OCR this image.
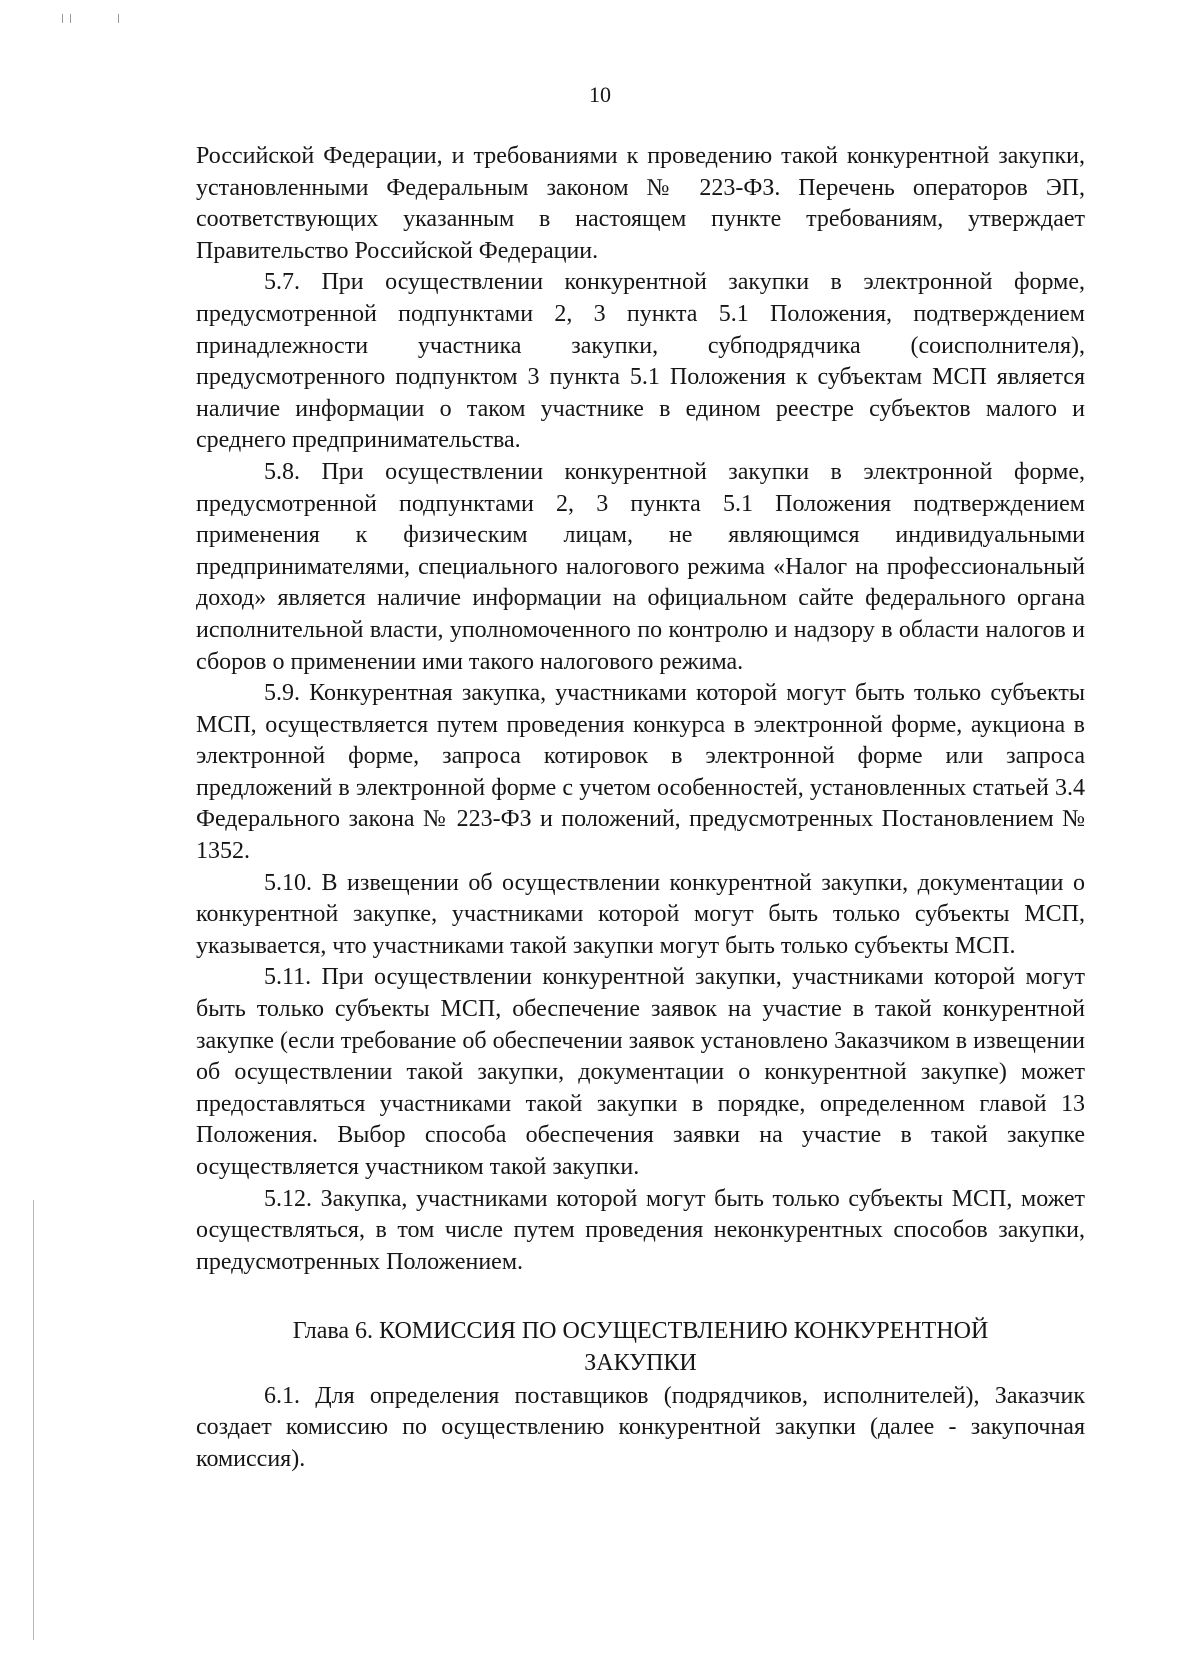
10

Российской Федерации, и требованиями к проведению такой конкурентной закупки, установленными Федеральным законом № 223-ФЗ. Перечень операторов ЭП, соответствующих указанным в настоящем пункте требованиям, утверждает Правительство Российской Федерации.

5.7. При осуществлении конкурентной закупки в электронной форме, предусмотренной подпунктами 2, 3 пункта 5.1 Положения, подтверждением принадлежности участника закупки, субподрядчика (соисполнителя), предусмотренного подпунктом 3 пункта 5.1 Положения к субъектам МСП является наличие информации о таком участнике в едином реестре субъектов малого и среднего предпринимательства.

5.8. При осуществлении конкурентной закупки в электронной форме, предусмотренной подпунктами 2, 3 пункта 5.1 Положения подтверждением применения к физическим лицам, не являющимся индивидуальными предпринимателями, специального налогового режима «Налог на профессиональный доход» является наличие информации на официальном сайте федерального органа исполнительной власти, уполномоченного по контролю и надзору в области налогов и сборов о применении ими такого налогового режима.

5.9. Конкурентная закупка, участниками которой могут быть только субъекты МСП, осуществляется путем проведения конкурса в электронной форме, аукциона в электронной форме, запроса котировок в электронной форме или запроса предложений в электронной форме с учетом особенностей, установленных статьей 3.4 Федерального закона № 223-ФЗ и положений, предусмотренных Постановлением № 1352.

5.10. В извещении об осуществлении конкурентной закупки, документации о конкурентной закупке, участниками которой могут быть только субъекты МСП, указывается, что участниками такой закупки могут быть только субъекты МСП.

5.11. При осуществлении конкурентной закупки, участниками которой могут быть только субъекты МСП, обеспечение заявок на участие в такой конкурентной закупке (если требование об обеспечении заявок установлено Заказчиком в извещении об осуществлении такой закупки, документации о конкурентной закупке) может предоставляться участниками такой закупки в порядке, определенном главой 13 Положения. Выбор способа обеспечения заявки на участие в такой закупке осуществляется участником такой закупки.

5.12. Закупка, участниками которой могут быть только субъекты МСП, может осуществляться, в том числе путем проведения неконкурентных способов закупки, предусмотренных Положением.

Глава 6. КОМИССИЯ ПО ОСУЩЕСТВЛЕНИЮ КОНКУРЕНТНОЙ
ЗАКУПКИ

6.1. Для определения поставщиков (подрядчиков, исполнителей), Заказчик создает комиссию по осуществлению конкурентной закупки (далее - закупочная комиссия).
